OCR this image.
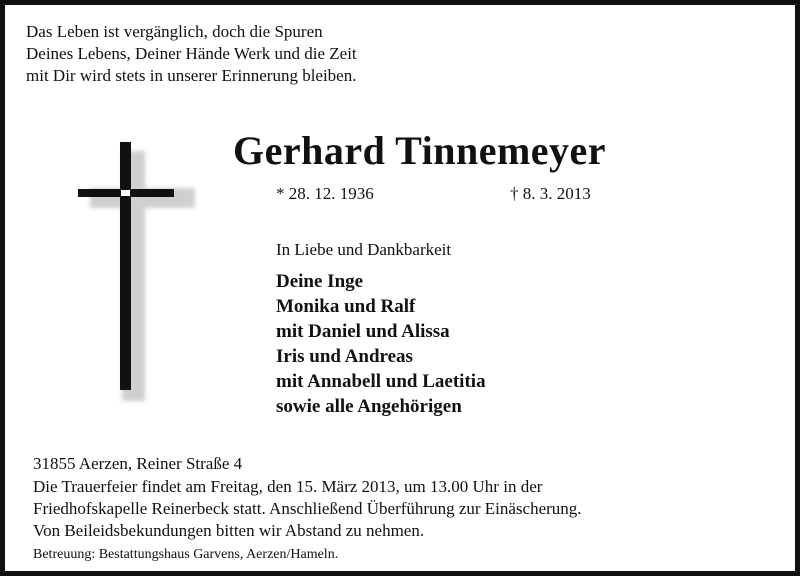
Das Leben ist vergänglich, doch die Spuren
Deines Lebens, Deiner Hände Werk und die Zeit
mit Dir wird stets in unserer Erinnerung bleiben.
Gerhard Tinnemeyer
* 28. 12. 1936	† 8. 3. 2013
In Liebe und Dankbarkeit
Deine Inge
Monika und Ralf
mit Daniel und Alissa
Iris und Andreas
mit Annabell und Laetitia
sowie alle Angehörigen
31855 Aerzen, Reiner Straße 4
Die Trauerfeier findet am Freitag, den 15. März 2013, um 13.00 Uhr in der
Friedhofskapelle Reinerbeck statt. Anschließend Überführung zur Einäscherung.
Von Beileidsbekundungen bitten wir Abstand zu nehmen.
Betreuung: Bestattungshaus Garvens, Aerzen/Hameln.
